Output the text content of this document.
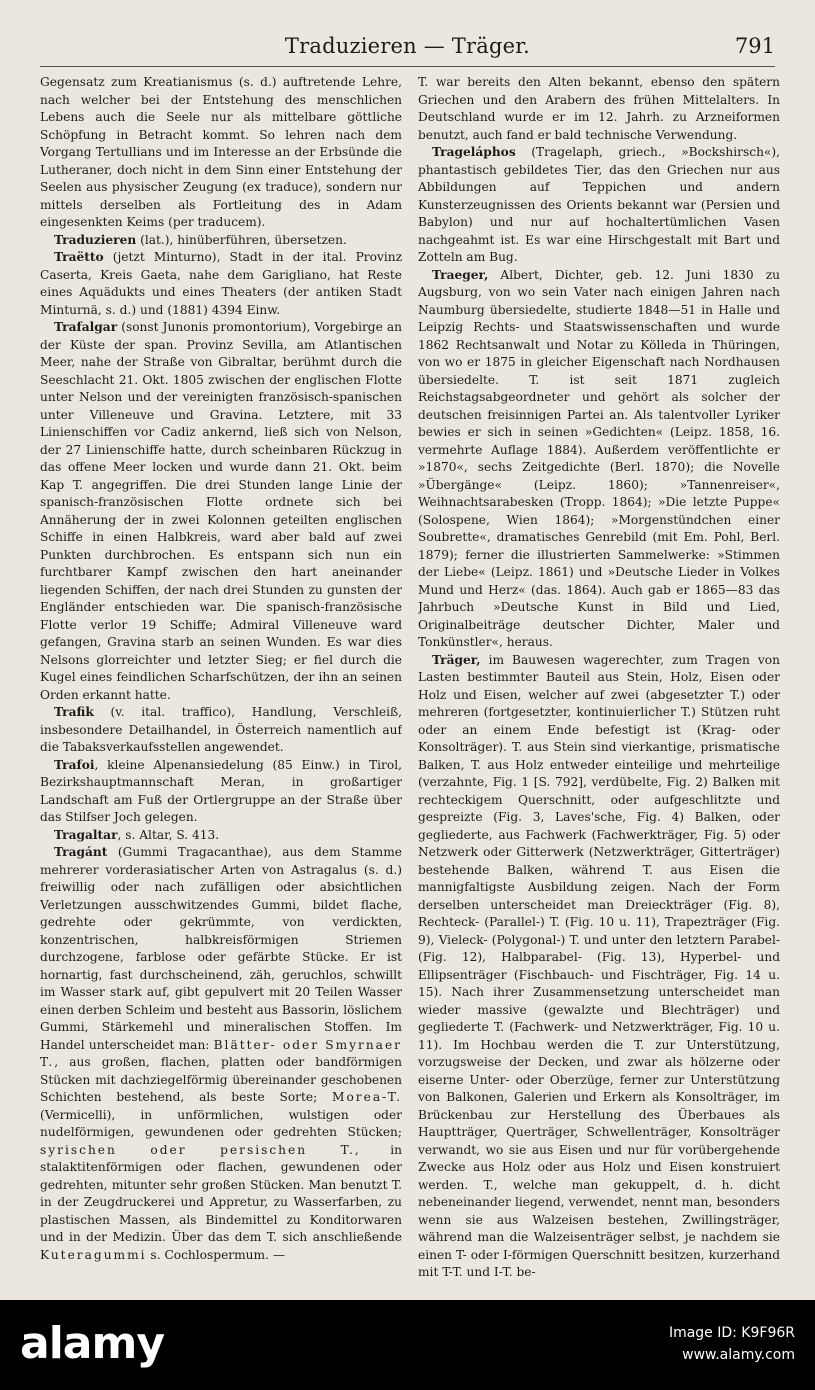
Traduzieren — Träger.	791

Gegensatz zum Kreatianismus (s. d.) auftretende Lehre, nach welcher bei der Entstehung des menschlichen Lebens auch die Seele nur als mittelbare göttliche Schöpfung in Betracht kommt. So lehren nach dem Vorgang Tertullians und im Interesse an der Erbsünde die Lutheraner, doch nicht in dem Sinn einer Entstehung der Seelen aus physischer Zeugung (ex traduce), sondern nur mittels derselben als Fortleitung des in Adam eingesenkten Keims (per traducem).

Traduzieren (lat.), hinüberführen, übersetzen.

Traëtto (jetzt Minturno), Stadt in der ital. Provinz Caserta, Kreis Gaeta, nahe dem Garigliano, hat Reste eines Aquädukts und eines Theaters (der antiken Stadt Minturnä, s. d.) und (1881) 4394 Einw.

Trafalgar (sonst Junonis promontorium), Vorgebirge an der Küste der span. Provinz Sevilla, am Atlantischen Meer, nahe der Straße von Gibraltar, berühmt durch die Seeschlacht 21. Okt. 1805 zwischen der englischen Flotte unter Nelson und der vereinigten französisch-spanischen unter Villeneuve und Gravina. Letztere, mit 33 Linienschiffen vor Cadiz ankernd, ließ sich von Nelson, der 27 Linienschiffe hatte, durch scheinbaren Rückzug in das offene Meer locken und wurde dann 21. Okt. beim Kap T. angegriffen. Die drei Stunden lange Linie der spanisch-französischen Flotte ordnete sich bei Annäherung der in zwei Kolonnen geteilten englischen Schiffe in einen Halbkreis, ward aber bald auf zwei Punkten durchbrochen. Es entspann sich nun ein furchtbarer Kampf zwischen den hart aneinander liegenden Schiffen, der nach drei Stunden zu gunsten der Engländer entschieden war. Die spanisch-französische Flotte verlor 19 Schiffe; Admiral Villeneuve ward gefangen, Gravina starb an seinen Wunden. Es war dies Nelsons glorreichter und letzter Sieg; er fiel durch die Kugel eines feindlichen Scharfschützen, der ihn an seinen Orden erkannt hatte.

Trafik (v. ital. traffico), Handlung, Verschleiß, insbesondere Detailhandel, in Österreich namentlich auf die Tabaksverkaufsstellen angewendet.

Trafoi, kleine Alpenansiedelung (85 Einw.) in Tirol, Bezirkshauptmannschaft Meran, in großartiger Landschaft am Fuß der Ortlergruppe an der Straße über das Stilfser Joch gelegen.

Tragaltar, s. Altar, S. 413.

Tragánt (Gummi Tragacanthae), aus dem Stamme mehrerer vorderasiatischer Arten von Astragalus (s. d.) freiwillig oder nach zufälligen oder absichtlichen Verletzungen ausschwitzendes Gummi, bildet flache, gedrehte oder gekrümmte, von verdickten, konzentrischen, halbkreisförmigen Striemen durchzogene, farblose oder gefärbte Stücke. Er ist hornartig, fast durchscheinend, zäh, geruchlos, schwillt im Wasser stark auf, gibt gepulvert mit 20 Teilen Wasser einen derben Schleim und besteht aus Bassorin, löslichem Gummi, Stärkemehl und mineralischen Stoffen. Im Handel unterscheidet man: Blätter- oder Smyrnaer T., aus großen, flachen, platten oder bandförmigen Stücken mit dachziegelförmig übereinander geschobenen Schichten bestehend, als beste Sorte; Morea-T. (Vermicelli), in unförmlichen, wulstigen oder nudelförmigen, gewundenen oder gedrehten Stücken; syrischen oder persischen T., in stalaktitenförmigen oder flachen, gewundenen oder gedrehten, mitunter sehr großen Stücken. Man benutzt T. in der Zeugdruckerei und Appretur, zu Wasserfarben, zu plastischen Massen, als Bindemittel zu Konditorwaren und in der Medizin. Über das dem T. sich anschließende Kuteragummi s. Cochlospermum. —

T. war bereits den Alten bekannt, ebenso den spätern Griechen und den Arabern des frühen Mittelalters. In Deutschland wurde er im 12. Jahrh. zu Arzneiformen benutzt, auch fand er bald technische Verwendung.

Trageláphos (Tragelaph, griech., »Bockshirsch«), phantastisch gebildetes Tier, das den Griechen nur aus Abbildungen auf Teppichen und andern Kunsterzeugnissen des Orients bekannt war (Persien und Babylon) und nur auf hochaltertümlichen Vasen nachgeahmt ist. Es war eine Hirschgestalt mit Bart und Zotteln am Bug.

Traeger, Albert, Dichter, geb. 12. Juni 1830 zu Augsburg, von wo sein Vater nach einigen Jahren nach Naumburg übersiedelte, studierte 1848—51 in Halle und Leipzig Rechts- und Staatswissenschaften und wurde 1862 Rechtsanwalt und Notar zu Kölleda in Thüringen, von wo er 1875 in gleicher Eigenschaft nach Nordhausen übersiedelte. T. ist seit 1871 zugleich Reichstagsabgeordneter und gehört als solcher der deutschen freisinnigen Partei an. Als talentvoller Lyriker bewies er sich in seinen »Gedichten« (Leipz. 1858, 16. vermehrte Auflage 1884). Außerdem veröffentlichte er »1870«, sechs Zeitgedichte (Berl. 1870); die Novelle »Übergänge« (Leipz. 1860); »Tannenreiser«, Weihnachtsarabesken (Tropp. 1864); »Die letzte Puppe« (Solospene, Wien 1864); »Morgenstündchen einer Soubrette«, dramatisches Genrebild (mit Em. Pohl, Berl. 1879); ferner die illustrierten Sammelwerke: »Stimmen der Liebe« (Leipz. 1861) und »Deutsche Lieder in Volkes Mund und Herz« (das. 1864). Auch gab er 1865—83 das Jahrbuch »Deutsche Kunst in Bild und Lied, Originalbeiträge deutscher Dichter, Maler und Tonkünstler«, heraus.

Träger, im Bauwesen wagerechter, zum Tragen von Lasten bestimmter Bauteil aus Stein, Holz, Eisen oder Holz und Eisen, welcher auf zwei (abgesetzter T.) oder mehreren (fortgesetzter, kontinuierlicher T.) Stützen ruht oder an einem Ende befestigt ist (Krag- oder Konsolträger). T. aus Stein sind vierkantige, prismatische Balken, T. aus Holz entweder einteilige und mehrteilige (verzahnte, Fig. 1 [S. 792], verdübelte, Fig. 2) Balken mit rechteckigem Querschnitt, oder aufgeschlitzte und gespreizte (Fig. 3, Laves'sche, Fig. 4) Balken, oder gegliederte, aus Fachwerk (Fachwerkträger, Fig. 5) oder Netzwerk oder Gitterwerk (Netzwerkträger, Gitterträger) bestehende Balken, während T. aus Eisen die mannigfaltigste Ausbildung zeigen. Nach der Form derselben unterscheidet man Dreieckträger (Fig. 8), Rechteck- (Parallel-) T. (Fig. 10 u. 11), Trapezträger (Fig. 9), Vieleck- (Polygonal-) T. und unter den letztern Parabel- (Fig. 12), Halbparabel- (Fig. 13), Hyperbel- und Ellipsenträger (Fischbauch- und Fischträger, Fig. 14 u. 15). Nach ihrer Zusammensetzung unterscheidet man wieder massive (gewalzte und Blechträger) und gegliederte T. (Fachwerk- und Netzwerkträger, Fig. 10 u. 11). Im Hochbau werden die T. zur Unterstützung, vorzugsweise der Decken, und zwar als hölzerne oder eiserne Unter- oder Oberzüge, ferner zur Unterstützung von Balkonen, Galerien und Erkern als Konsolträger, im Brückenbau zur Herstellung des Überbaues als Hauptträger, Querträger, Schwellenträger, Konsolträger verwandt, wo sie aus Eisen und nur für vorübergehende Zwecke aus Holz oder aus Holz und Eisen konstruiert werden. T., welche man gekuppelt, d. h. dicht nebeneinander liegend, verwendet, nennt man, besonders wenn sie aus Walzeisen bestehen, Zwillingsträger, während man die Walzeisenträger selbst, je nachdem sie einen T- oder I-förmigen Querschnitt besitzen, kurzerhand mit T-T. und I-T. be-

alamy	Image ID: K9F96R
www.alamy.com
